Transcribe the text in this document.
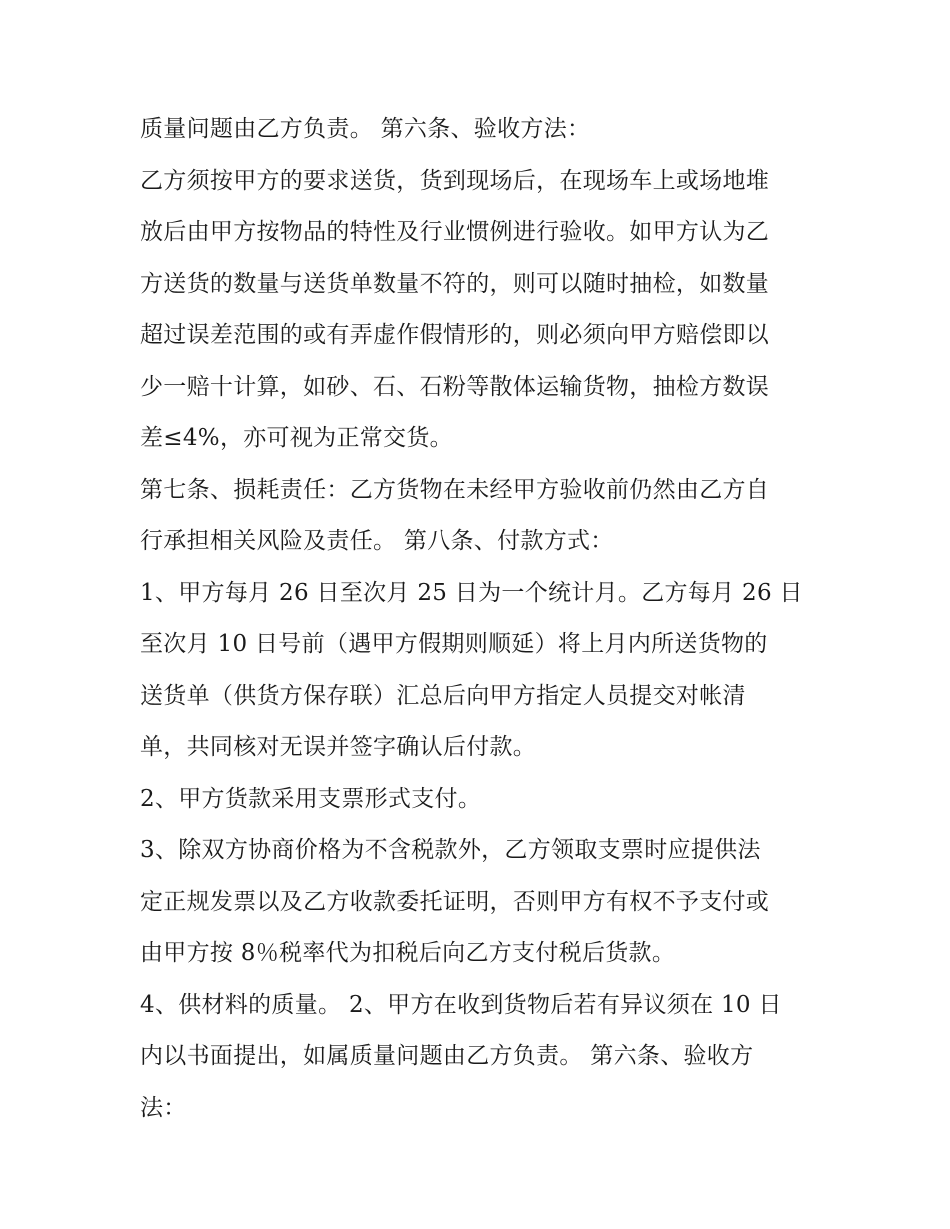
质量问题由乙方负责。 第六条、验收方法：
乙方须按甲方的要求送货，货到现场后，在现场车上或场地堆
放后由甲方按物品的特性及行业惯例进行验收。如甲方认为乙
方送货的数量与送货单数量不符的，则可以随时抽检，如数量
超过误差范围的或有弄虚作假情形的，则必须向甲方赔偿即以
少一赔十计算，如砂、石、石粉等散体运输货物，抽检方数误
差≤4%，亦可视为正常交货。
第七条、损耗责任：乙方货物在未经甲方验收前仍然由乙方自
行承担相关风险及责任。 第八条、付款方式：
1、甲方每月 26 日至次月 25 日为一个统计月。乙方每月 26 日
至次月 10 日号前（遇甲方假期则顺延）将上月内所送货物的
送货单（供货方保存联）汇总后向甲方指定人员提交对帐清
单，共同核对无误并签字确认后付款。
2、甲方货款采用支票形式支付。
3、除双方协商价格为不含税款外，乙方领取支票时应提供法
定正规发票以及乙方收款委托证明，否则甲方有权不予支付或
由甲方按 8％税率代为扣税后向乙方支付税后货款。
4、供材料的质量。 2、甲方在收到货物后若有异议须在 10 日
内以书面提出，如属质量问题由乙方负责。 第六条、验收方
法：
